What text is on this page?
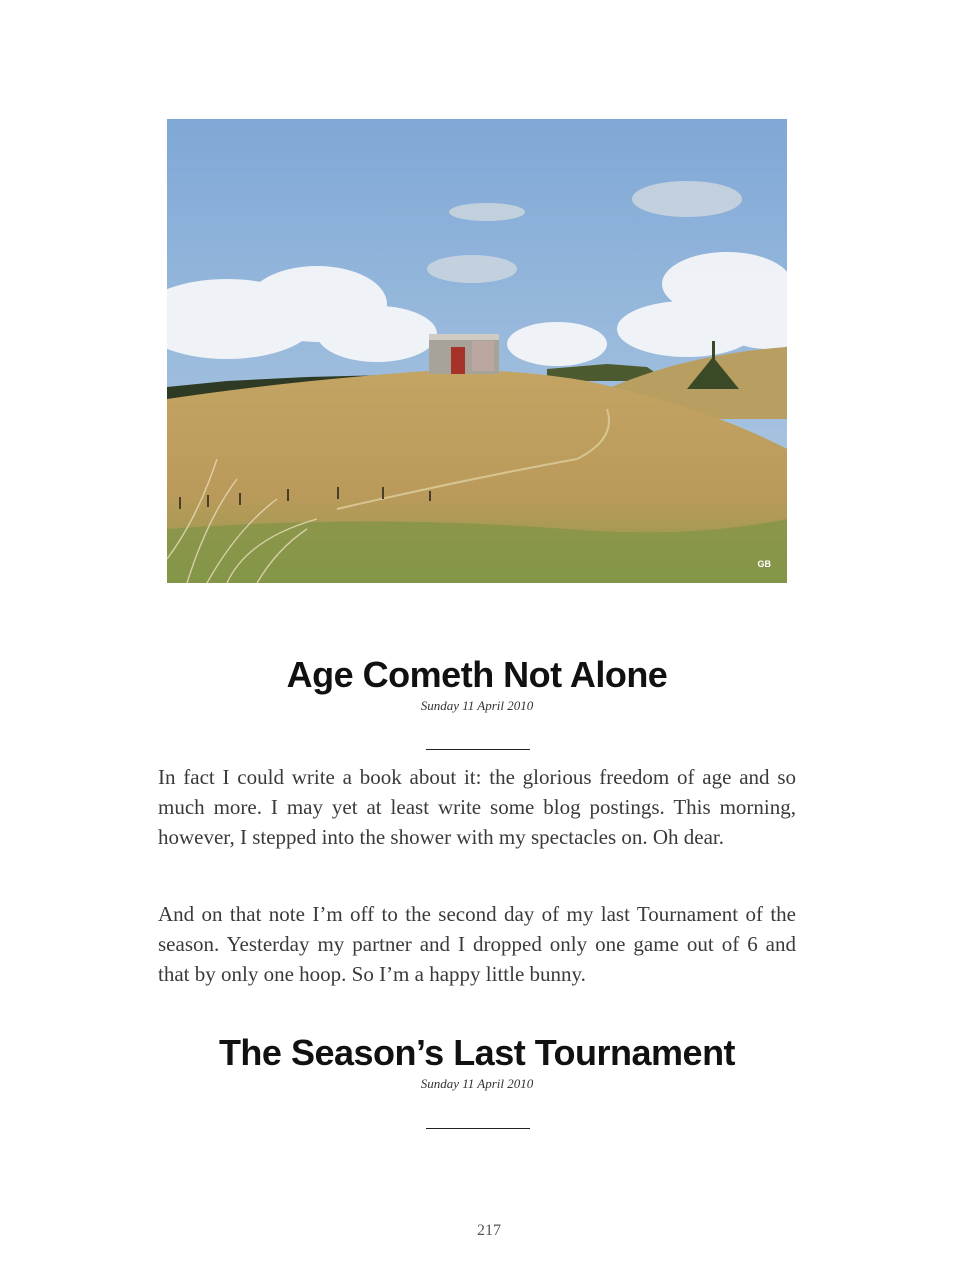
GB
Age Cometh Not Alone
Sunday 11 April 2010

In fact I could write a book about it: the glorious freedom of age and so much more. I may yet at least write some blog postings. This morning, however, I stepped into the shower with my spectacles on. Oh dear.

And on that note I’m off to the second day of my last Tournament of the season. Yesterday my partner and I dropped only one game out of 6 and that by only one hoop. So I’m a happy little bunny.

The Season’s Last Tournament
Sunday 11 April 2010
217
